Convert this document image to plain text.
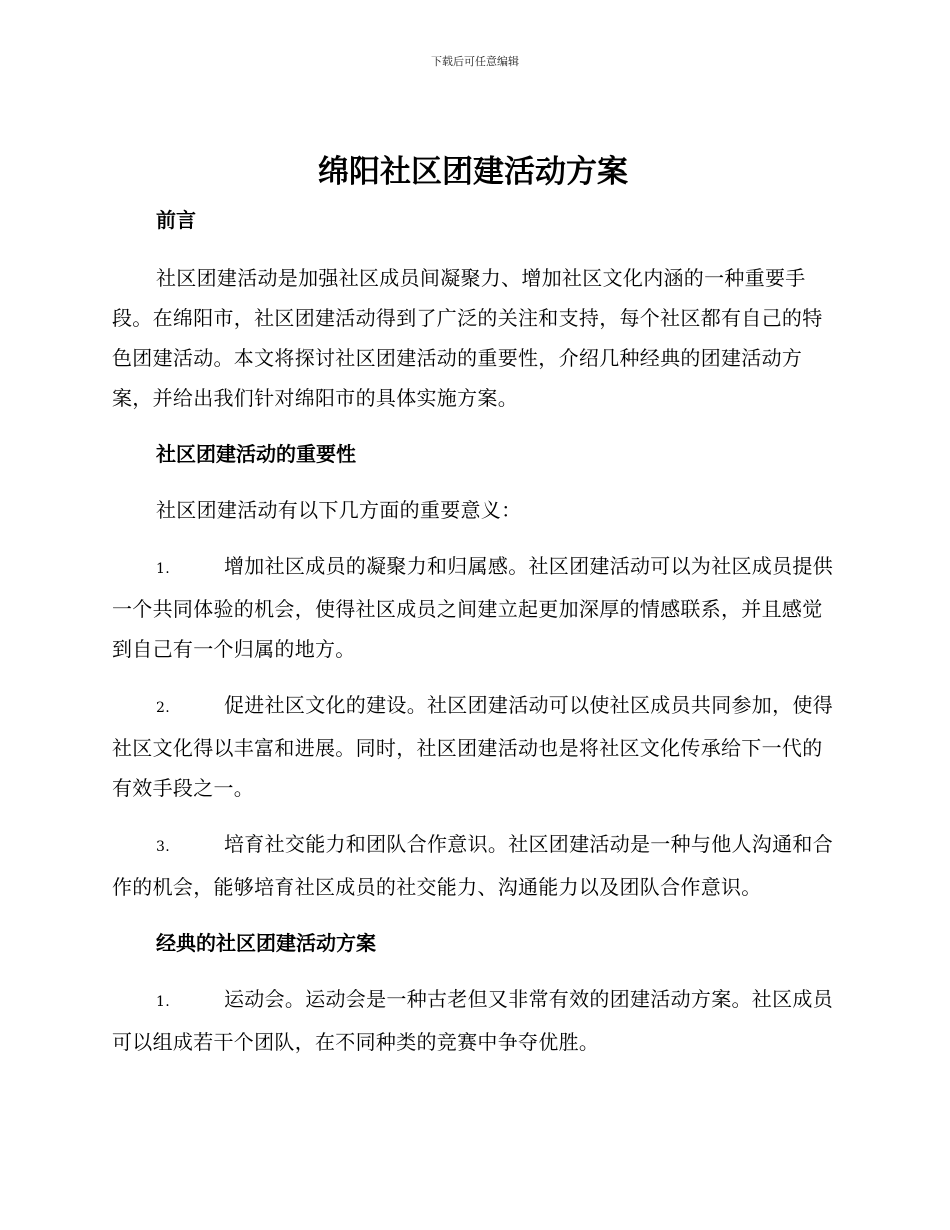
下载后可任意编辑
绵阳社区团建活动方案
前言

社区团建活动是加强社区成员间凝聚力、增加社区文化内涵的一种重要手段。在绵阳市，社区团建活动得到了广泛的关注和支持，每个社区都有自己的特色团建活动。本文将探讨社区团建活动的重要性，介绍几种经典的团建活动方案，并给出我们针对绵阳市的具体实施方案。

社区团建活动的重要性

社区团建活动有以下几方面的重要意义：

1.	增加社区成员的凝聚力和归属感。社区团建活动可以为社区成员提供一个共同体验的机会，使得社区成员之间建立起更加深厚的情感联系，并且感觉到自己有一个归属的地方。

2.	促进社区文化的建设。社区团建活动可以使社区成员共同参加，使得社区文化得以丰富和进展。同时，社区团建活动也是将社区文化传承给下一代的有效手段之一。

3.	培育社交能力和团队合作意识。社区团建活动是一种与他人沟通和合作的机会，能够培育社区成员的社交能力、沟通能力以及团队合作意识。

经典的社区团建活动方案

1.	运动会。运动会是一种古老但又非常有效的团建活动方案。社区成员可以组成若干个团队，在不同种类的竞赛中争夺优胜。
